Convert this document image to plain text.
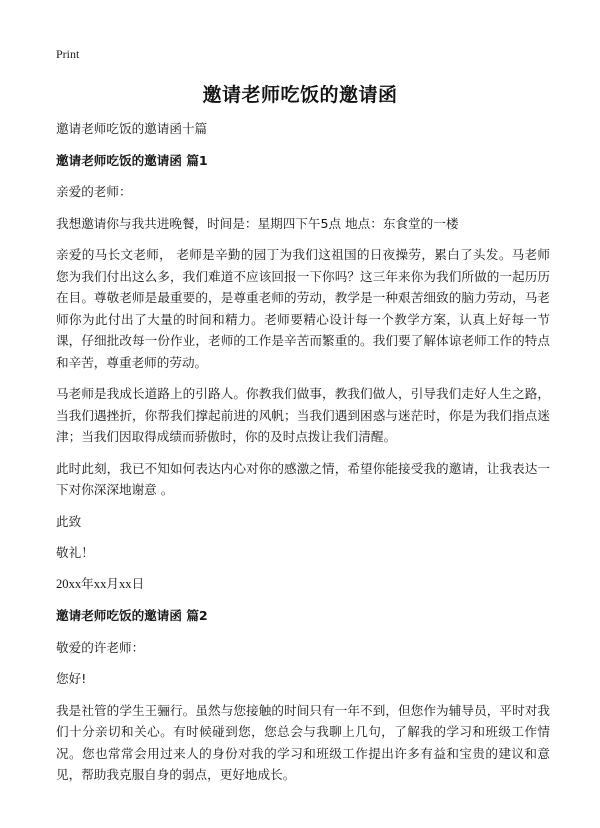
Print
邀请老师吃饭的邀请函

邀请老师吃饭的邀请函十篇

邀请老师吃饭的邀请函 篇1

亲爱的老师：

我想邀请你与我共进晚餐，时间是：星期四下午5点 地点：东食堂的一楼

亲爱的马长文老师， 老师是辛勤的园丁为我们这祖国的日夜操劳，累白了头发。马老师您为我们付出这么多，我们难道不应该回报一下你吗？这三年来你为我们所做的一起历历在目。尊敬老师是最重要的，是尊重老师的劳动，教学是一种艰苦细致的脑力劳动，马老师你为此付出了大量的时间和精力。老师要精心设计每一个教学方案，认真上好每一节课，仔细批改每一份作业，老师的工作是辛苦而繁重的。我们要了解体谅老师工作的特点和辛苦，尊重老师的劳动。

马老师是我成长道路上的引路人。你教我们做事，教我们做人，引导我们走好人生之路，当我们遇挫折，你帮我们撑起前进的风帆；当我们遇到困惑与迷茫时，你是为我们指点迷津；当我们因取得成绩而骄傲时，你的及时点拨让我们清醒。

此时此刻，我已不知如何表达内心对你的感激之情，希望你能接受我的邀请，让我表达一下对你深深地谢意 。

此致

敬礼！

20xx年xx月xx日

邀请老师吃饭的邀请函 篇2

敬爱的许老师：

您好!

我是社管的学生王骊行。虽然与您接触的时间只有一年不到，但您作为辅导员，平时对我们十分亲切和关心。有时候碰到您，您总会与我聊上几句，了解我的学习和班级工作情况。您也常常会用过来人的身份对我的学习和班级工作提出许多有益和宝贵的建议和意见，帮助我克服自身的弱点，更好地成长。
